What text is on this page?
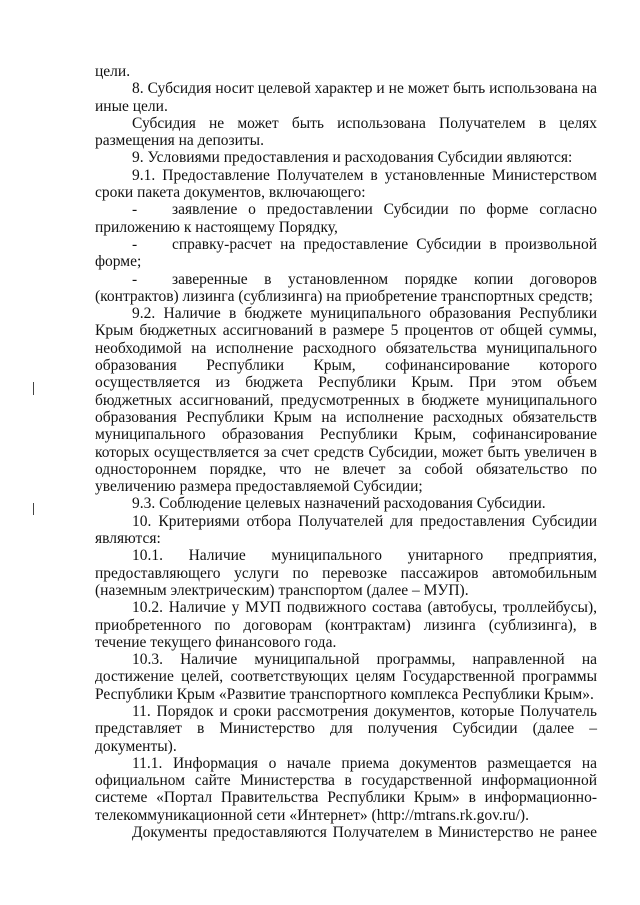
цели.

8. Субсидия носит целевой характер и не может быть использована на иные цели.

Субсидия не может быть использована Получателем в целях размещения на депозиты.

9. Условиями предоставления и расходования Субсидии являются:

9.1. Предоставление Получателем в установленные Министерством сроки пакета документов, включающего:

- заявление о предоставлении Субсидии по форме согласно приложению к настоящему Порядку,

- справку-расчет на предоставление Субсидии в произвольной форме;

- заверенные в установленном порядке копии договоров (контрактов) лизинга (сублизинга) на приобретение транспортных средств;

9.2. Наличие в бюджете муниципального образования Республики Крым бюджетных ассигнований в размере 5 процентов от общей суммы, необходимой на исполнение расходного обязательства муниципального образования Республики Крым, софинансирование которого осуществляется из бюджета Республики Крым. При этом объем бюджетных ассигнований, предусмотренных в бюджете муниципального образования Республики Крым на исполнение расходных обязательств муниципального образования Республики Крым, софинансирование которых осуществляется за счет средств Субсидии, может быть увеличен в одностороннем порядке, что не влечет за собой обязательство по увеличению размера предоставляемой Субсидии;

9.3. Соблюдение целевых назначений расходования Субсидии.

10. Критериями отбора Получателей для предоставления Субсидии являются:

10.1. Наличие муниципального унитарного предприятия, предоставляющего услуги по перевозке пассажиров автомобильным (наземным электрическим) транспортом (далее – МУП).

10.2. Наличие у МУП подвижного состава (автобусы, троллейбусы), приобретенного по договорам (контрактам) лизинга (сублизинга), в течение текущего финансового года.

10.3. Наличие муниципальной программы, направленной на достижение целей, соответствующих целям Государственной программы Республики Крым «Развитие транспортного комплекса Республики Крым».

11. Порядок и сроки рассмотрения документов, которые Получатель представляет в Министерство для получения Субсидии (далее – документы).

11.1. Информация о начале приема документов размещается на официальном сайте Министерства в государственной информационной системе «Портал Правительства Республики Крым» в информационно-телекоммуникационной сети «Интернет» (http://mtrans.rk.gov.ru/).

Документы предоставляются Получателем в Министерство не ранее
